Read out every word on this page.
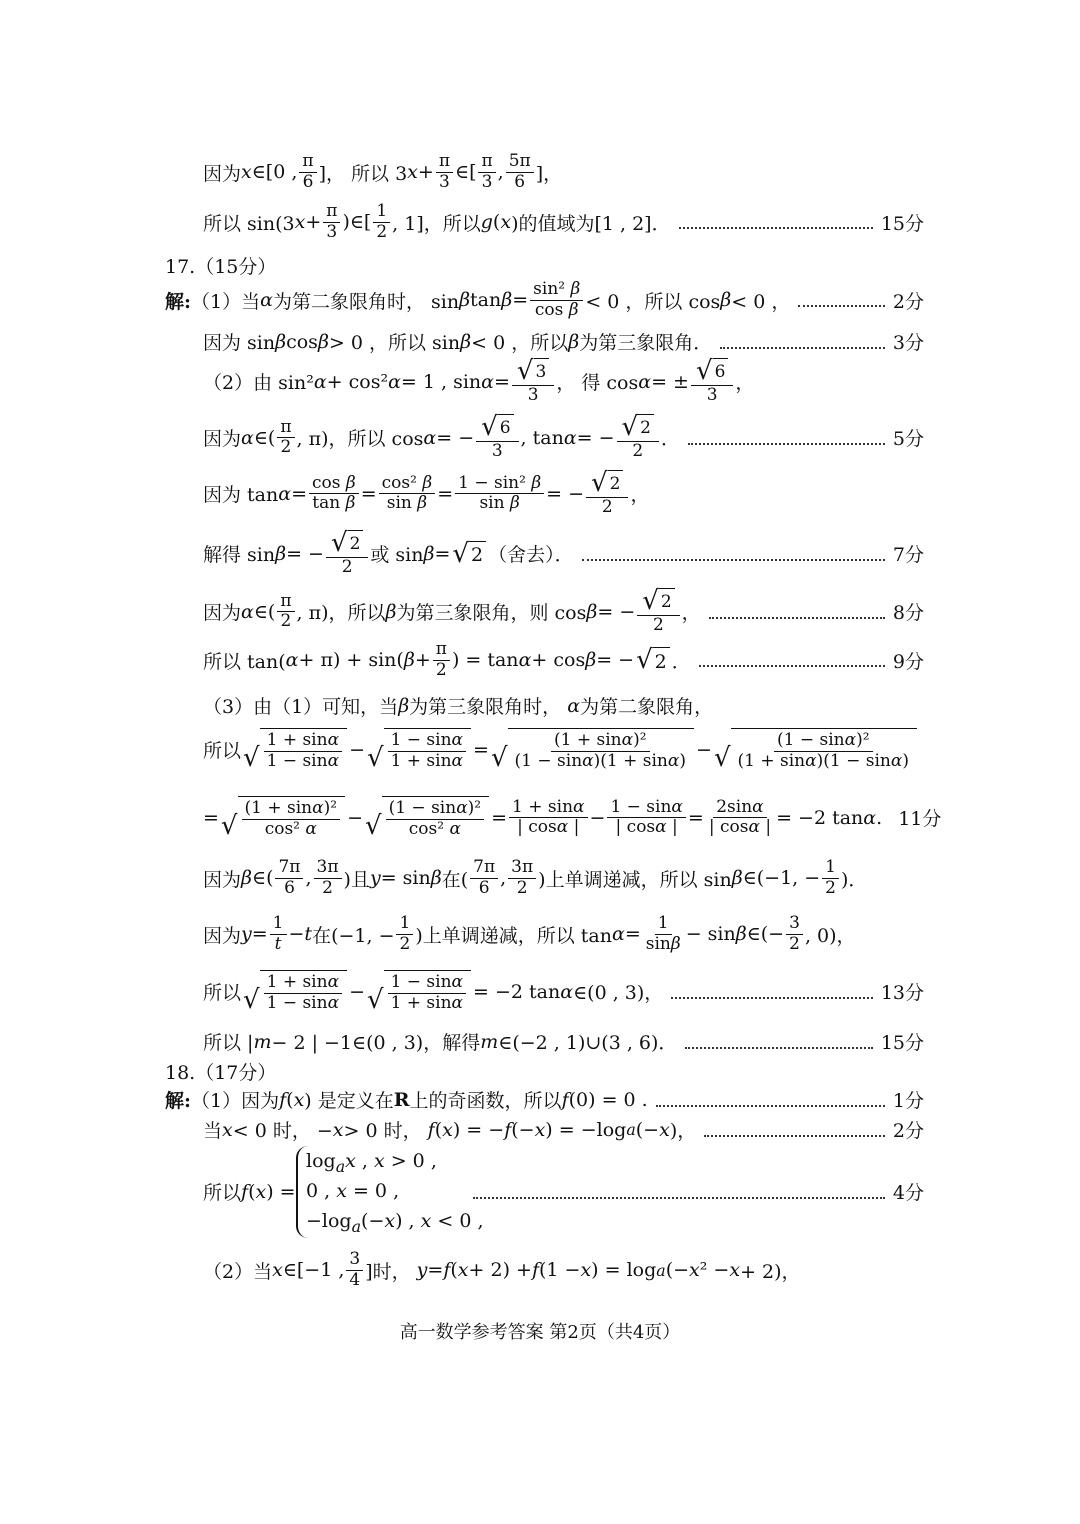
因为 x ∈[0 , $\frac{\pi}{6}$ ]， 所以 3 $x + \frac{\pi}{3}$ ∈[ $\frac{\pi}{3}$ , $\frac{5\pi}{6}$ ]，
所以 sin(3 $x + \frac{\pi}{3}$ )∈[ $\frac{1}{2}$ , 1]，所以 g ( x )的值域为[1 , 2]．	15分
17.（15分）
解: （1）当 α 为第二象限角时， sin β $\tan \beta = \frac{\text{sin² β}}{\text{cos β}} < 0$ ，所以 cos β < 0 ，	2分
因为 sin β cos β > 0 ，所以 sin β < 0 ，所以 β 为第三象限角．	3分
（2）由 sin² α + cos² α = 1 , $\sin \alpha = \frac{√ 3}{3}$ ， 得 cos α = ± $\frac{√ 6}{3}$ ，
因为 α ∈( $\frac{\pi}{2}$ , π)，所以 cos α = − $\frac{√ 6}{3}$ , tan α = − $\frac{√ 2}{2}$ ．	5分
因为 $\tan \alpha = \frac{\text{cos β}}{\text{tan β}} = \frac{\text{cos² β}}{\text{sin β}} = \frac{\text{1 − sin² β}}{\text{sin β}}$ = − $\frac{√ 2}{2}$ ，
解得 sin β = − $\frac{√ 2}{2}$ 或 sin β = √ 2 （舍去）．	7分
因为 α ∈( $\frac{\pi}{2}$ , π)，所以 β 为第三象限角，则 cos β = − $\frac{√ 2}{2}$ ，	8分
所以 tan( α + π) + sin( $\beta + \frac{\pi}{2}$ ) = tan α + cos β = − √ 2 ．	9分
（3）由（1）可知，当 β 为第三象限角时， α 为第二象限角，
所以 √ $\frac{1 + \sin\alpha}{1 - \sin\alpha}$ − √ $\frac{1 - \sin\alpha}{1 + \sin\alpha}$ = √ $\frac{\text{(1 + sinα)²}}{(1 - \sin\alpha)(1 + \sin\alpha)}$ − √ $\frac{\text{(1 − sinα)²}}{(1 + \sin\alpha)(1 - \sin\alpha)}$
= √ $\frac{\text{(1 + sinα)²}}{\text{cos² α}}$ − √ $\frac{\text{(1 − sinα)²}}{\text{cos² α}} = \frac{1 + \sin\alpha}{| \cos\alpha |} - \frac{1 - \sin\alpha}{| \cos\alpha |} = \frac{2\sin\alpha}{| \cos\alpha |} = -2$ tan α . 11分
因为 β ∈( $\frac{7\pi}{6}$ , $\frac{3\pi}{2}$ )且 y = sin β 在( $\frac{7\pi}{6}$ , $\frac{3\pi}{2}$ )上单调递减，所以 sin β ∈(−1, − $\frac{1}{2}$ )．
因为 $y = \frac{1}{t} - t$ 在(−1, − $\frac{1}{2}$ )上单调递减，所以 $\tan \alpha = \frac{1}{\sin\beta} - \sin \beta$ ∈(− $\frac{3}{2}$ , 0)，
所以 √ $\frac{1 + \sin\alpha}{1 - \sin\alpha}$ − √ $\frac{1 - \sin\alpha}{1 + \sin\alpha} = -2$ tan α ∈(0 , 3)，	13分
所以 | m − 2 | −1∈(0 , 3)，解得 m ∈(−2 , 1)∪(3 , 6)．	15分
18.（17分）
解: （1）因为 f ( x ) 是定义在 R 上的奇函数，所以 f (0) = 0 .	1分
当 x < 0 时， − x > 0 时， f ( x ) = − f (− x ) = −log a (− x )，	2分
所以 f ( x ) =	4分
$\log_ax$ , x > 0 ,
0 , x = 0 ,
$-\log_a(-x)$ , x < 0 ,
（2）当 x ∈[−1 , $\frac{3}{4}$ ]时， y = f ( x + 2) + f (1 − x ) = log a (− x ² − x + 2)，
高一数学参考答案 第2页（共4页）
